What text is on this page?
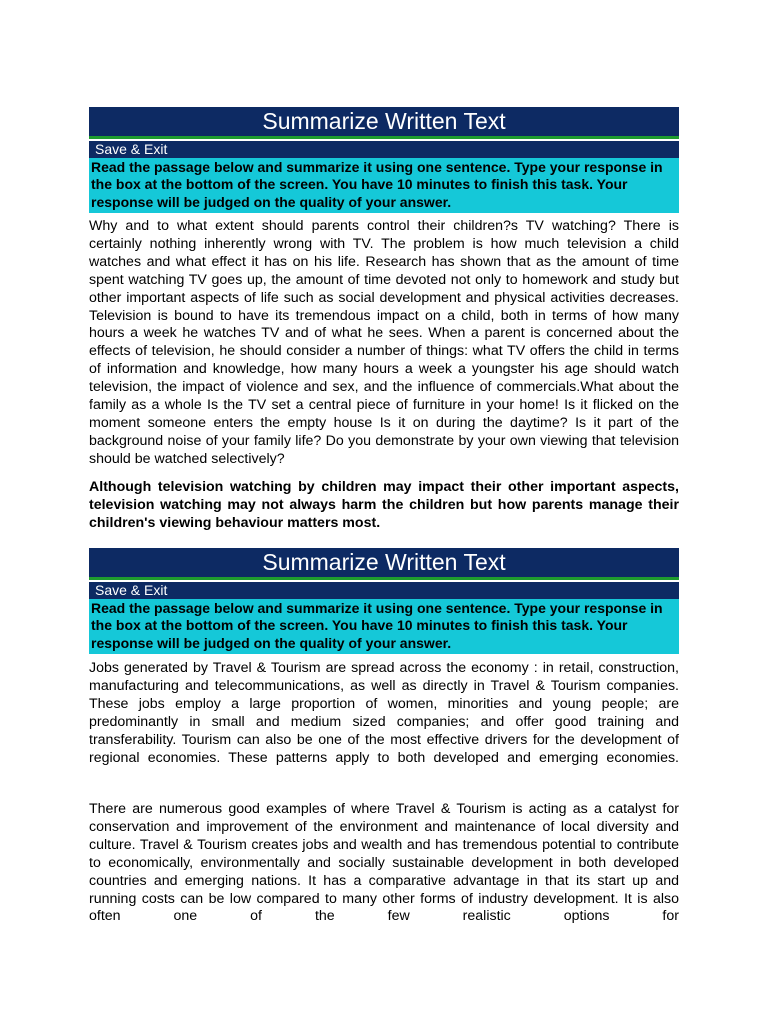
Summarize Written Text
Save & Exit
Read the passage below and summarize it using one sentence. Type your response in the box at the bottom of the screen. You have 10 minutes to finish this task. Your response will be judged on the quality of your answer.

Why and to what extent should parents control their children?s TV watching? There is certainly nothing inherently wrong with TV. The problem is how much television a child watches and what effect it has on his life. Research has shown that as the amount of time spent watching TV goes up, the amount of time devoted not only to homework and study but other important aspects of life such as social development and physical activities decreases. Television is bound to have its tremendous impact on a child, both in terms of how many hours a week he watches TV and of what he sees. When a parent is concerned about the effects of television, he should consider a number of things: what TV offers the child in terms of information and knowledge, how many hours a week a youngster his age should watch television, the impact of violence and sex, and the influence of commercials.What about the family as a whole Is the TV set a central piece of furniture in your home! Is it flicked on the moment someone enters the empty house Is it on during the daytime? Is it part of the background noise of your family life? Do you demonstrate by your own viewing that television should be watched selectively?

Although television watching by children may impact their other important aspects, television watching may not always harm the children but how parents manage their children's viewing behaviour matters most.

Summarize Written Text
Save & Exit
Read the passage below and summarize it using one sentence. Type your response in the box at the bottom of the screen. You have 10 minutes to finish this task. Your response will be judged on the quality of your answer.

Jobs generated by Travel & Tourism are spread across the economy : in retail, construction, manufacturing and telecommunications, as well as directly in Travel & Tourism companies. These jobs employ a large proportion of women, minorities and young people; are predominantly in small and medium sized companies; and offer good training and transferability. Tourism can also be one of the most effective drivers for the development of regional economies. These patterns apply to both developed and emerging economies.

There are numerous good examples of where Travel & Tourism is acting as a catalyst for conservation and improvement of the environment and maintenance of local diversity and culture. Travel & Tourism creates jobs and wealth and has tremendous potential to contribute to economically, environmentally and socially sustainable development in both developed countries and emerging nations. It has a comparative advantage in that its start up and running costs can be low compared to many other forms of industry development. It is also often one of the few realistic options for
